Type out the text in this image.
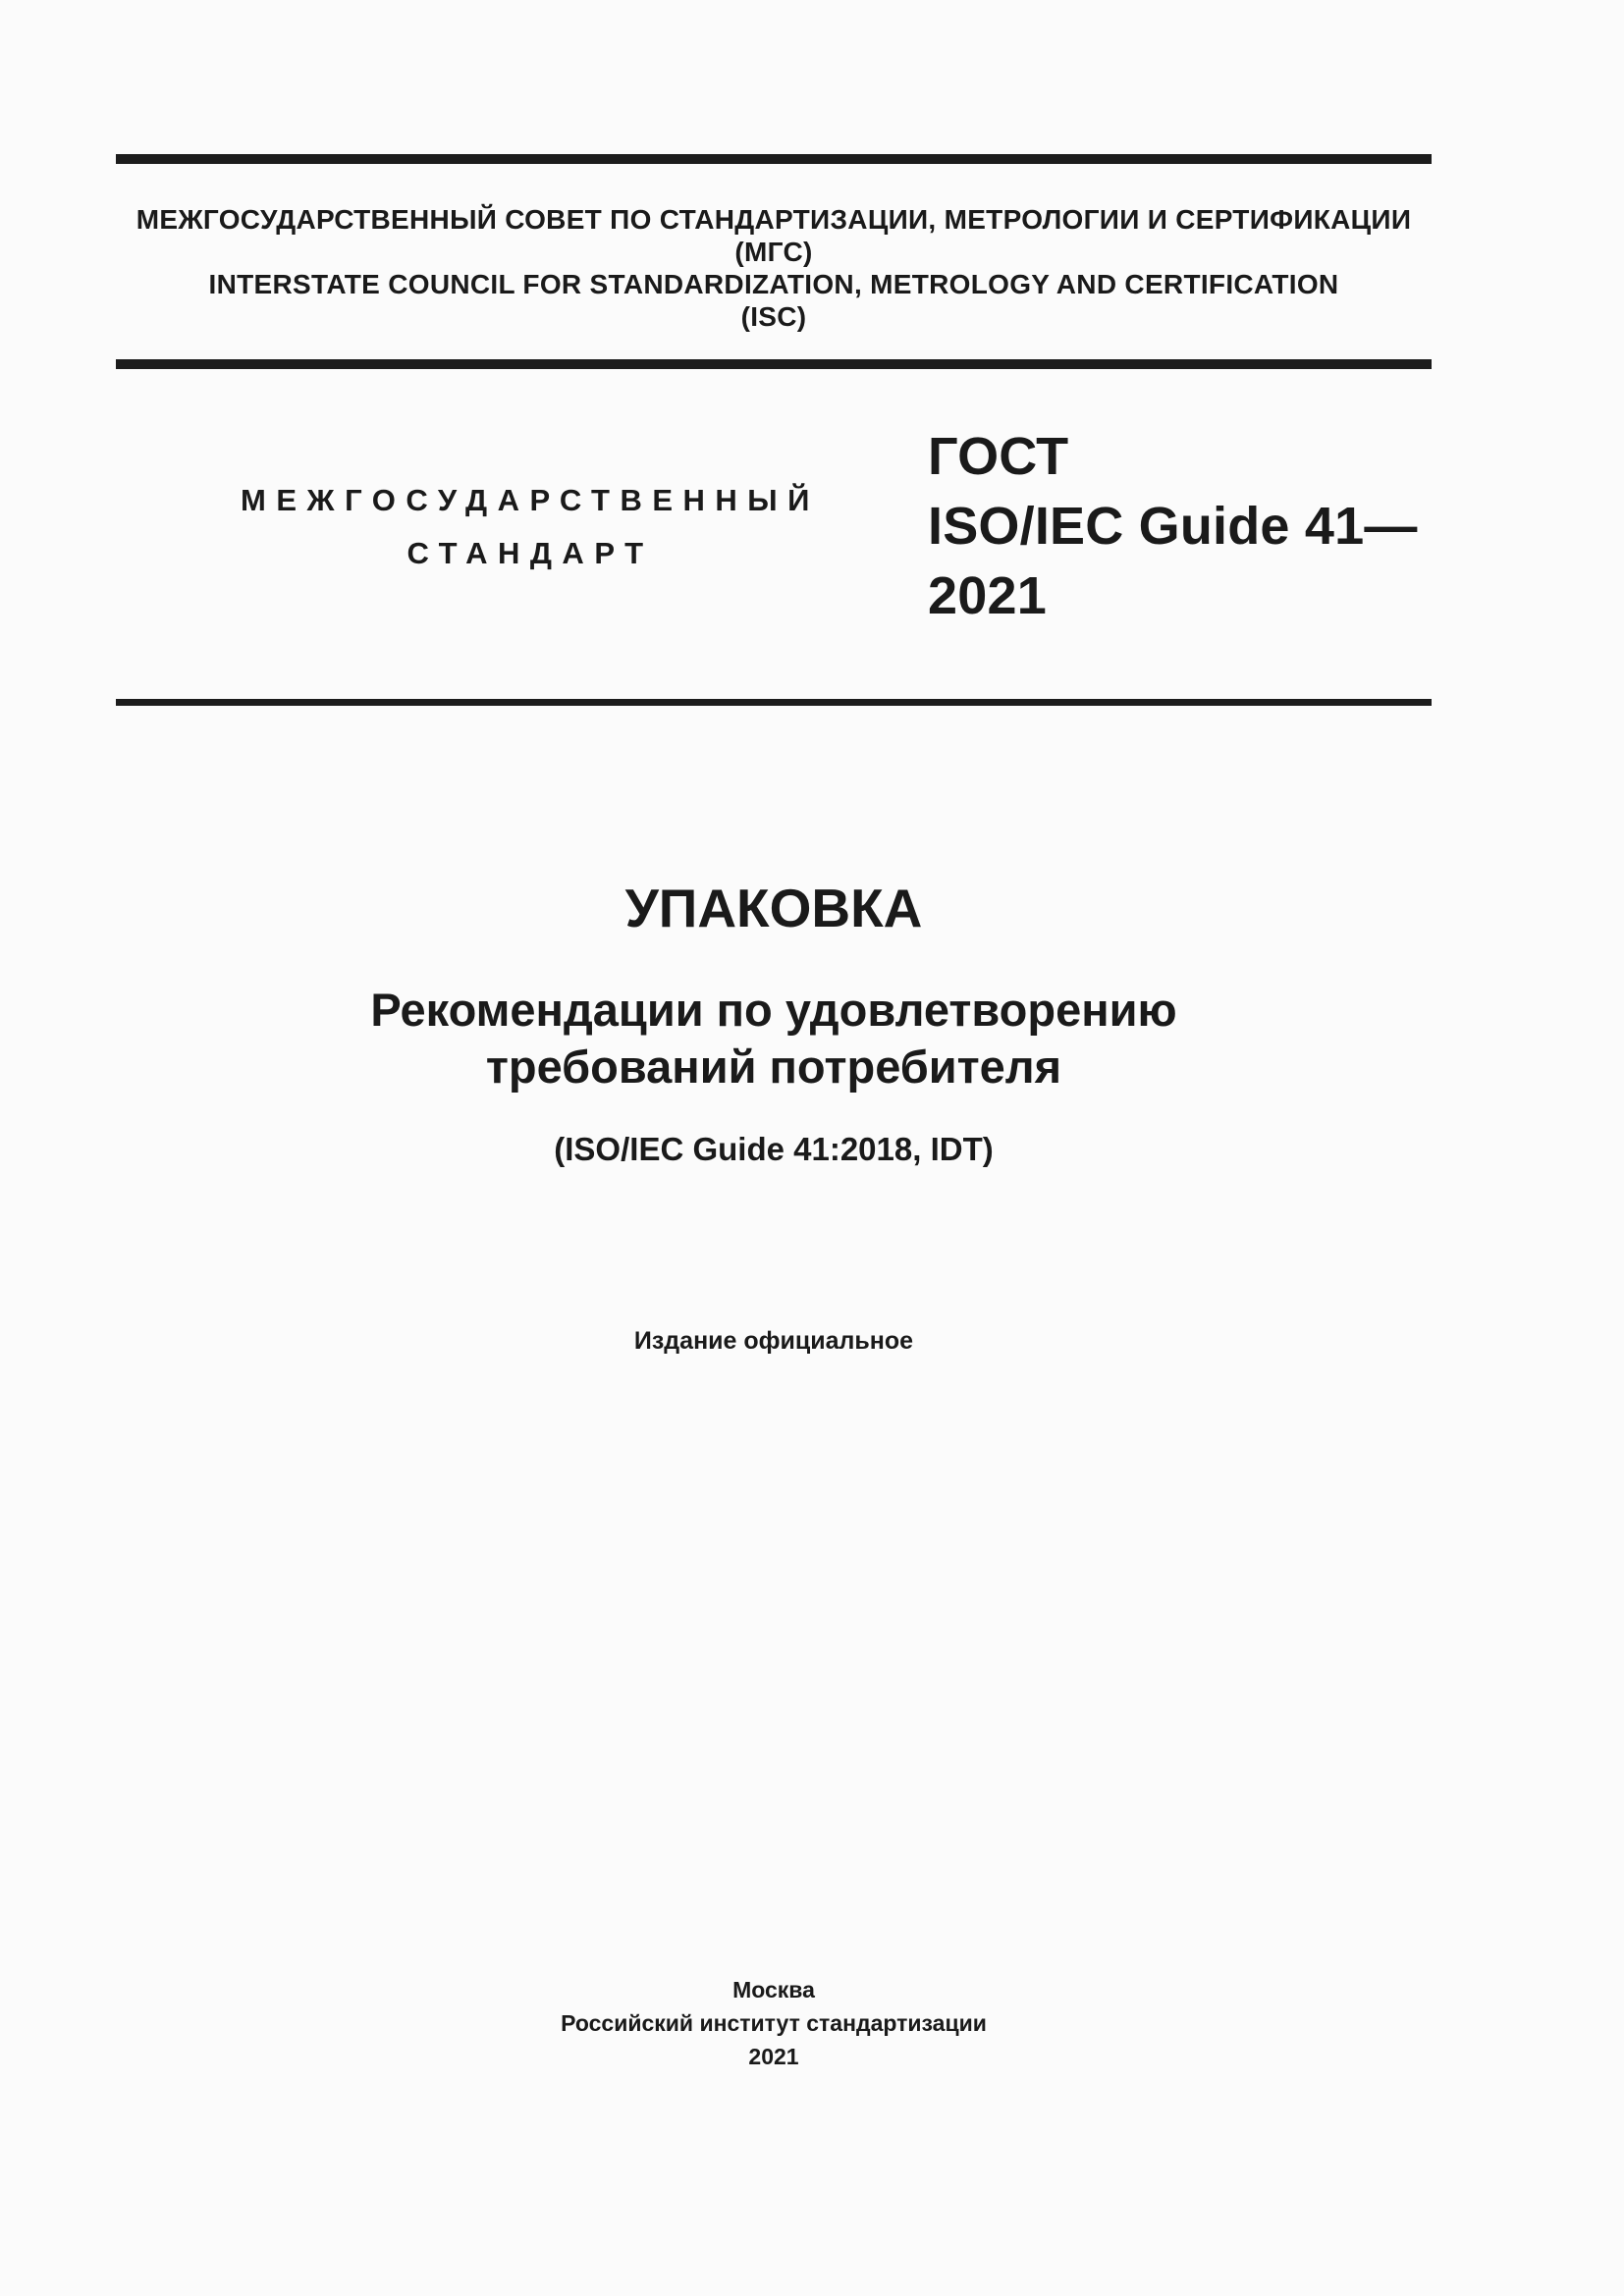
МЕЖГОСУДАРСТВЕННЫЙ СОВЕТ ПО СТАНДАРТИЗАЦИИ, МЕТРОЛОГИИ И СЕРТИФИКАЦИИ
(МГС)
INTERSTATE COUNCIL FOR STANDARDIZATION, METROLOGY AND CERTIFICATION
(ISC)
МЕЖГОСУДАРСТВЕННЫЙ
СТАНДАРТ
ГОСТ
ISO/IEC Guide 41—
2021
УПАКОВКА
Рекомендации по удовлетворению
требований потребителя
(ISO/IEC Guide 41:2018, IDT)
Издание официальное
Москва
Российский институт стандартизации
2021
